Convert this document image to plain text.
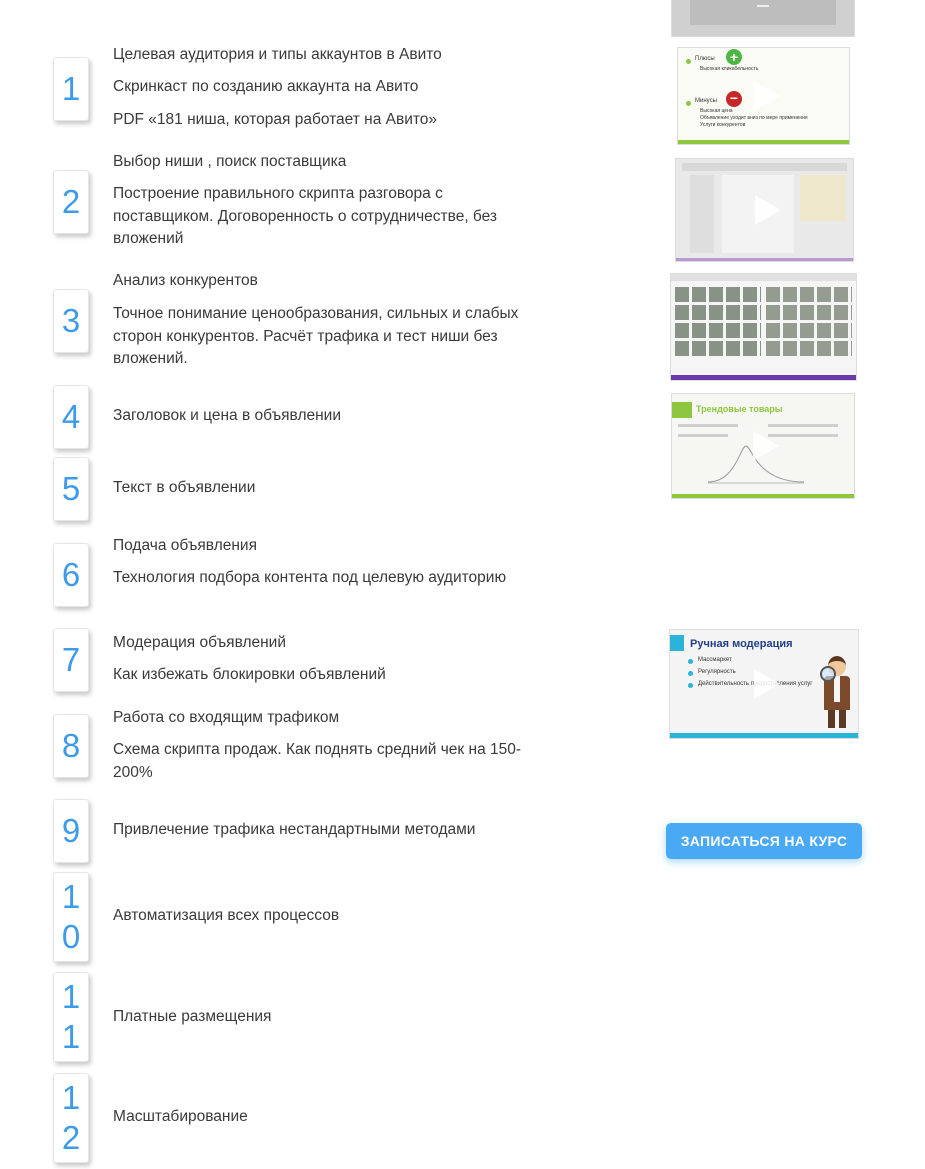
1
Целевая аудитория и типы аккаунтов в Авито
Скринкаст по созданию аккаунта на Авито
PDF «181 ниша, которая работает на Авито»
2
Выбор ниши , поиск поставщика
Построение правильного скрипта разговора с поставщиком. Договоренность о сотрудничестве, без вложений
3
Анализ конкурентов
Точное понимание ценообразования, сильных и слабых сторон конкурентов. Расчёт трафика и тест ниши без вложений.
4 Заголовок и цена в объявлении
5 Текст в объявлении
6
Подача объявления
Технология подбора контента под целевую аудиторию
7 Модерация объявлений
Как избежать блокировки объявлений
8
Работа со входящим трафиком
Схема скрипта продаж. Как поднять средний чек на 150-200%
9 Привлечение трафика нестандартными методами
10
Автоматизация всех процессов
11
Платные размещения
12
Масштабирование
Плюсы +
Высокая кликабельность
Минусы −
Высокая цена
Объявление уходит вниз по мере применения
Услуги конкурентов
Трендовые товары
Ручная модерация
Массмаркет
Регулярность
Действительность предоставления услуг
ЗАПИСАТЬСЯ НА КУРС
